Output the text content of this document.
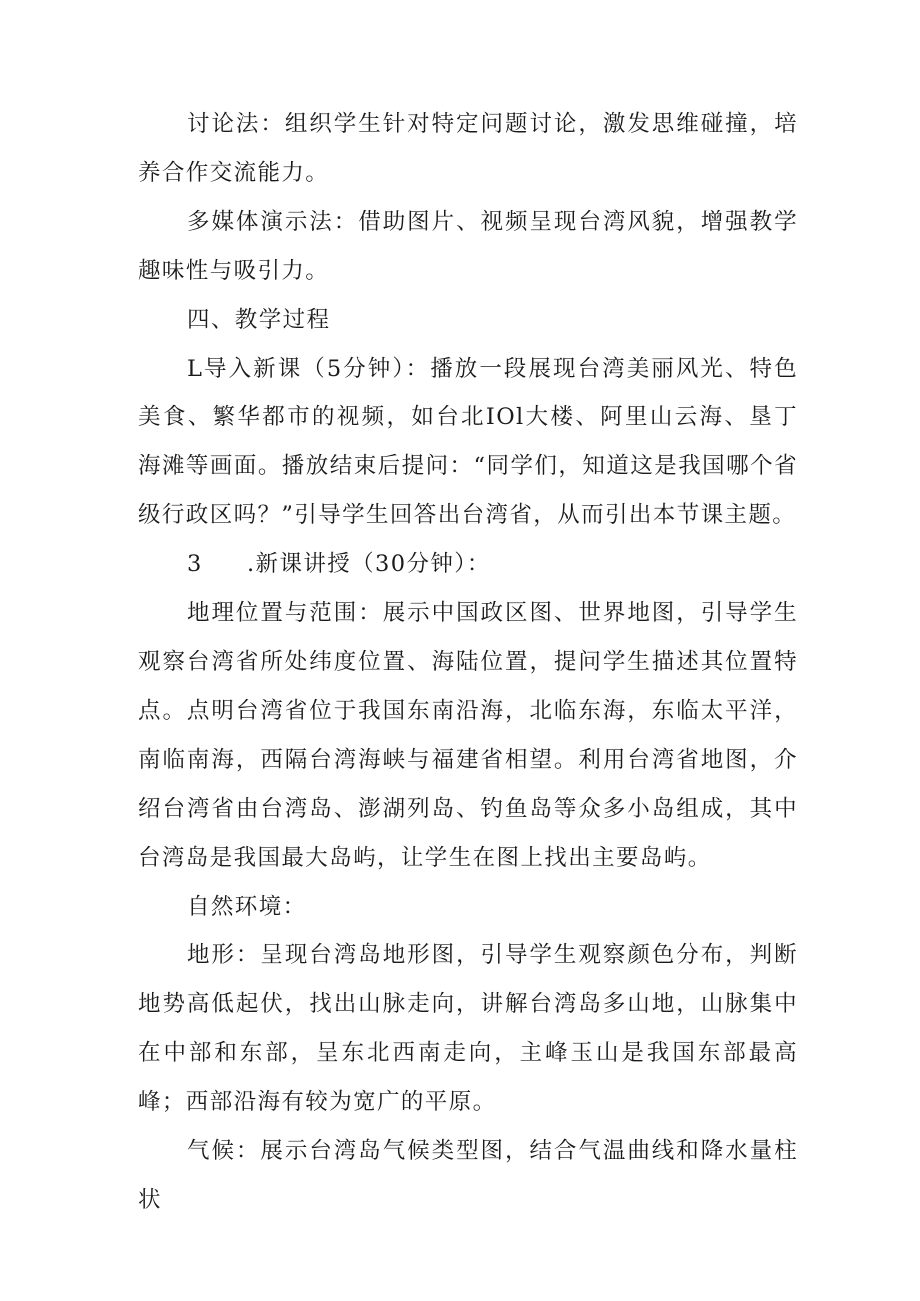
讨论法：组织学生针对特定问题讨论，激发思维碰撞，培养合作交流能力。

多媒体演示法：借助图片、视频呈现台湾风貌，增强教学趣味性与吸引力。

四、教学过程

L导入新课（5分钟）：播放一段展现台湾美丽风光、特色美食、繁华都市的视频，如台北IOl大楼、阿里山云海、垦丁海滩等画面。播放结束后提问：“同学们，知道这是我国哪个省级行政区吗？”引导学生回答出台湾省，从而引出本节课主题。

3 .新课讲授（30分钟）：

地理位置与范围：展示中国政区图、世界地图，引导学生观察台湾省所处纬度位置、海陆位置，提问学生描述其位置特点。点明台湾省位于我国东南沿海，北临东海，东临太平洋，南临南海，西隔台湾海峡与福建省相望。利用台湾省地图，介绍台湾省由台湾岛、澎湖列岛、钓鱼岛等众多小岛组成，其中台湾岛是我国最大岛屿，让学生在图上找出主要岛屿。

自然环境：

地形：呈现台湾岛地形图，引导学生观察颜色分布，判断地势高低起伏，找出山脉走向，讲解台湾岛多山地，山脉集中在中部和东部，呈东北西南走向，主峰玉山是我国东部最高峰；西部沿海有较为宽广的平原。

气候：展示台湾岛气候类型图，结合气温曲线和降水量柱状
